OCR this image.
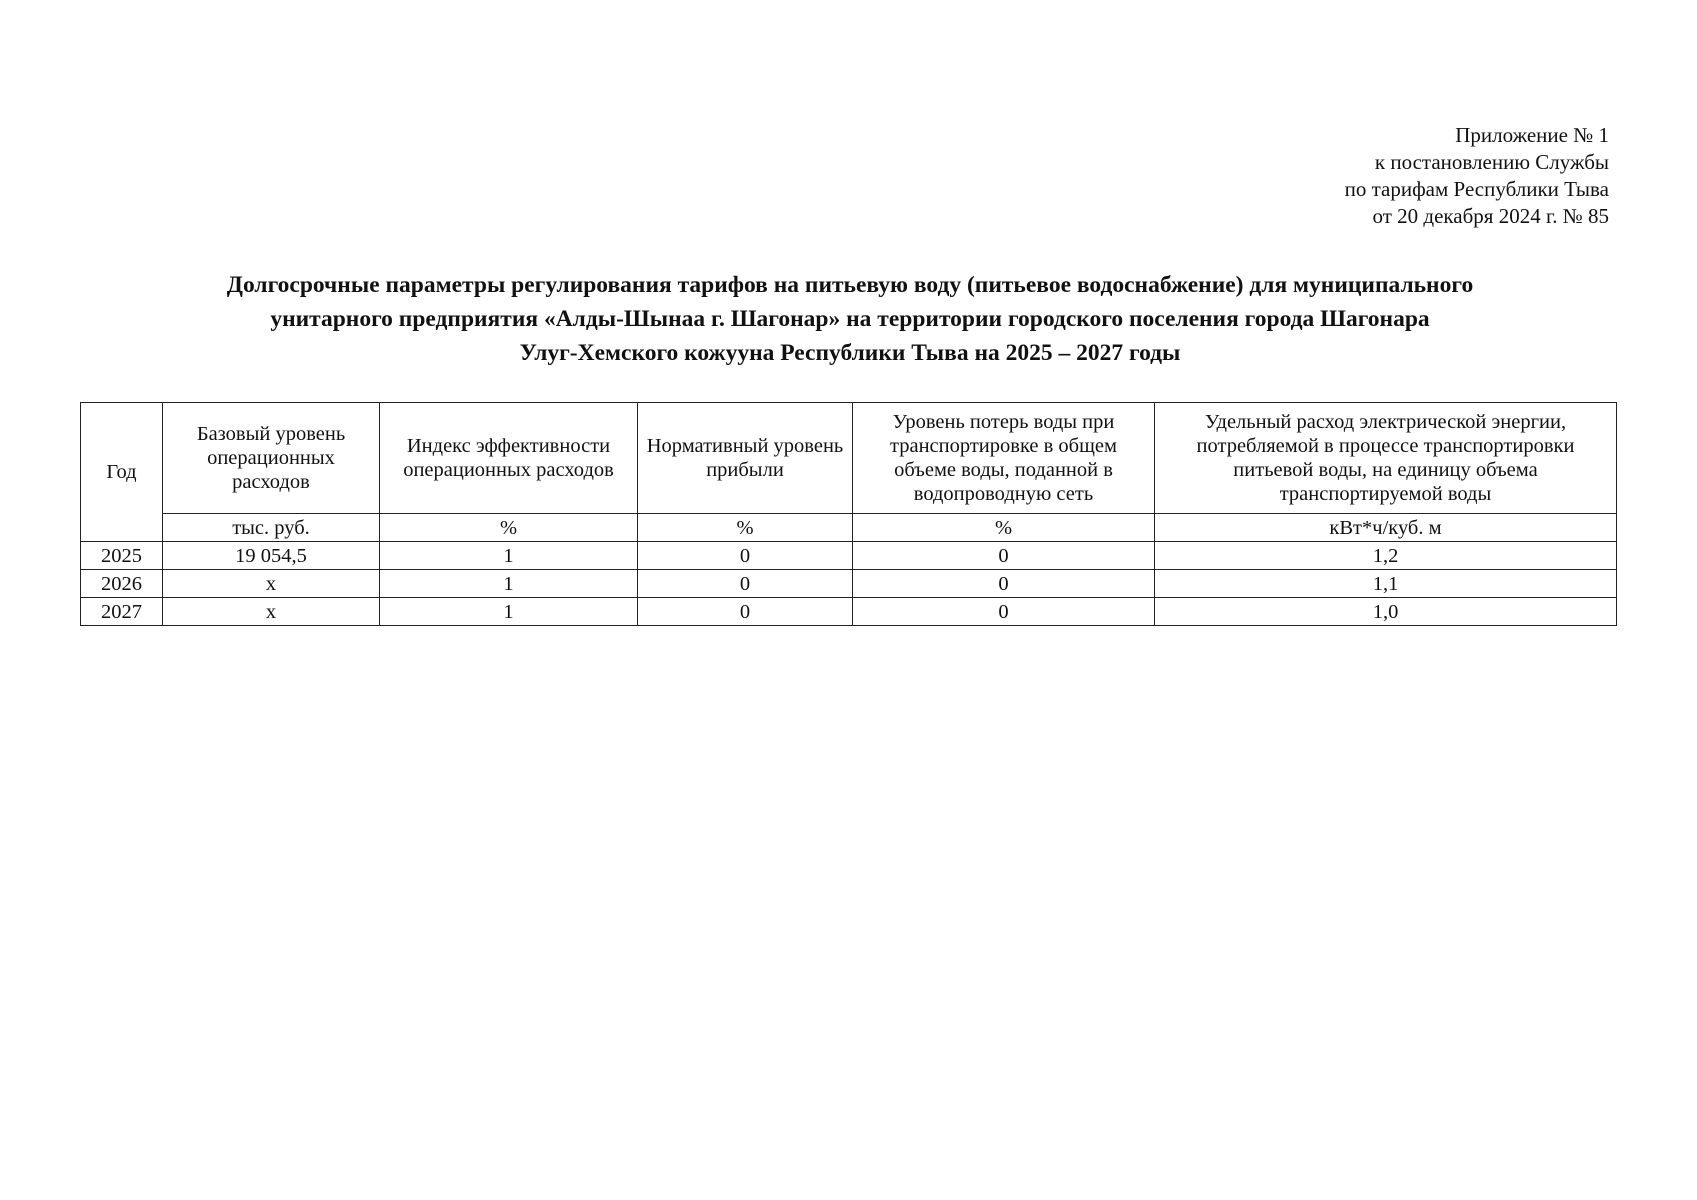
Приложение № 1
к постановлению Службы
по тарифам Республики Тыва
от 20 декабря 2024 г. № 85
Долгосрочные параметры регулирования тарифов на питьевую воду (питьевое водоснабжение) для муниципального
унитарного предприятия «Алды-Шынаа г. Шагонар» на территории городского поселения города Шагонара
Улуг-Хемского кожууна Республики Тыва на 2025 – 2027 годы
Год	Базовый уровень операционных расходов	Индекс эффективности операционных расходов	Нормативный уровень прибыли	Уровень потерь воды при транспортировке в общем объеме воды, поданной в водопроводную сеть	Удельный расход электрической энергии, потребляемой в процессе транспортировки питьевой воды, на единицу объема транспортируемой воды
	тыс. руб.	%	%	%	кВт*ч/куб. м
2025	19 054,5	1	0	0	1,2
2026	х	1	0	0	1,1
2027	х	1	0	0	1,0
